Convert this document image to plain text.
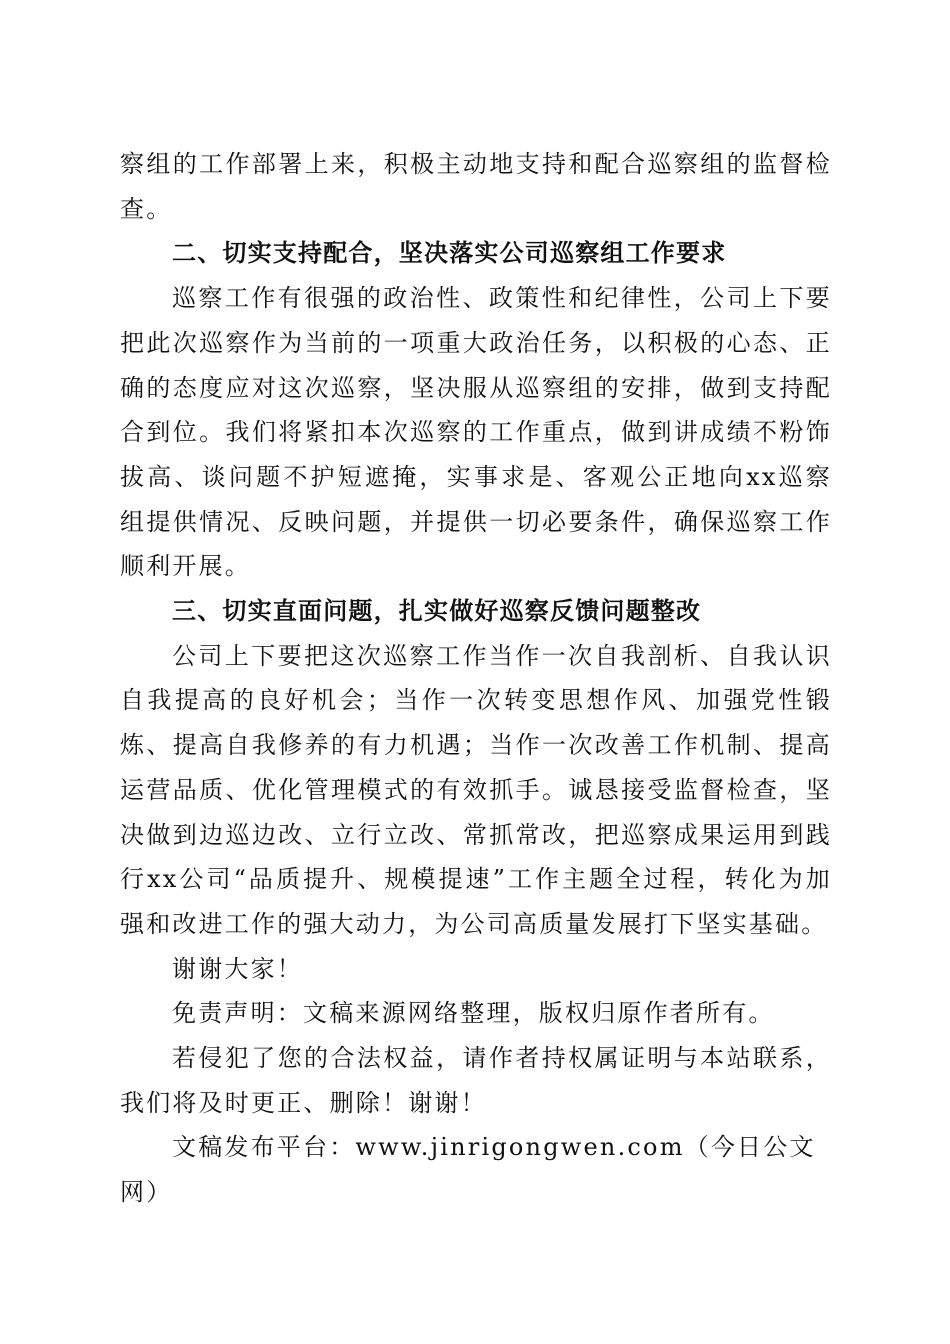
察组的工作部署上来，积极主动地支持和配合巡察组的监督检查。

二、切实支持配合，坚决落实公司巡察组工作要求

巡察工作有很强的政治性、政策性和纪律性，公司上下要把此次巡察作为当前的一项重大政治任务，以积极的心态、正确的态度应对这次巡察，坚决服从巡察组的安排，做到支持配合到位。我们将紧扣本次巡察的工作重点，做到讲成绩不粉饰拔高、谈问题不护短遮掩，实事求是、客观公正地向xx巡察组提供情况、反映问题，并提供一切必要条件，确保巡察工作顺利开展。

三、切实直面问题，扎实做好巡察反馈问题整改

公司上下要把这次巡察工作当作一次自我剖析、自我认识自我提高的良好机会；当作一次转变思想作风、加强党性锻炼、提高自我修养的有力机遇；当作一次改善工作机制、提高运营品质、优化管理模式的有效抓手。诚恳接受监督检查，坚决做到边巡边改、立行立改、常抓常改，把巡察成果运用到践行xx公司“品质提升、规模提速”工作主题全过程，转化为加强和改进工作的强大动力，为公司高质量发展打下坚实基础。

谢谢大家！

免责声明：文稿来源网络整理，版权归原作者所有。

若侵犯了您的合法权益，请作者持权属证明与本站联系，我们将及时更正、删除！谢谢！

文稿发布平台：www.jinrigongwen.com（今日公文网）
